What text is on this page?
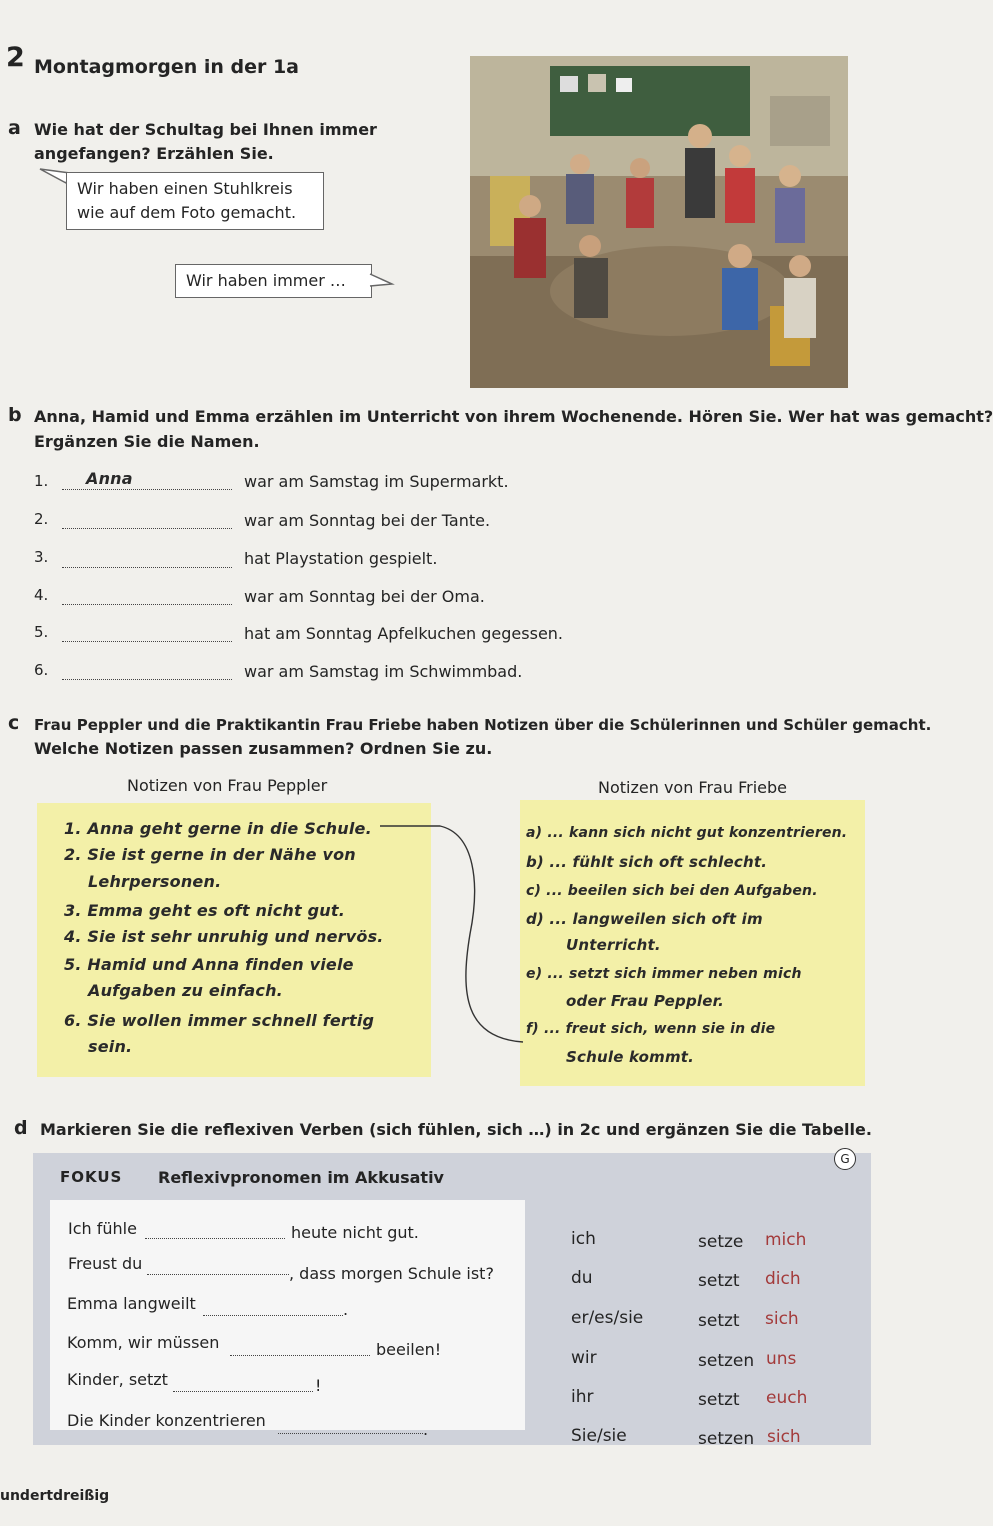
2 Montagmorgen in der 1a
a Wie hat der Schultag bei Ihnen immer
angefangen? Erzählen Sie.
Wir haben einen Stuhlkreis
wie auf dem Foto gemacht.
Wir haben immer …
b Anna, Hamid und Emma erzählen im Unterricht von ihrem Wochenende. Hören Sie. Wer hat was gemacht?
Ergänzen Sie die Namen.
1. Anna	war am Samstag im Supermarkt.
2.	war am Sonntag bei der Tante.
3.	hat Playstation gespielt.
4.	war am Sonntag bei der Oma.
5.	hat am Sonntag Apfelkuchen gegessen.
6.	war am Samstag im Schwimmbad.
c Frau Peppler und die Praktikantin Frau Friebe haben Notizen über die Schülerinnen und Schüler gemacht.
Welche Notizen passen zusammen? Ordnen Sie zu.
Notizen von Frau Peppler	Notizen von Frau Friebe
1. Anna geht gerne in die Schule.
2. Sie ist gerne in der Nähe von
Lehrpersonen.
3. Emma geht es oft nicht gut.
4. Sie ist sehr unruhig und nervös.
5. Hamid und Anna finden viele
Aufgaben zu einfach.
6. Sie wollen immer schnell fertig
sein.
a) ... kann sich nicht gut konzentrieren.
b) ... fühlt sich oft schlecht.
c) ... beeilen sich bei den Aufgaben.
d) ... langweilen sich oft im
Unterricht.
e) ... setzt sich immer neben mich
oder Frau Peppler.
f) ... freut sich, wenn sie in die
Schule kommt.
d Markieren Sie die reflexiven Verben (sich fühlen, sich …) in 2c und ergänzen Sie die Tabelle.
G
FOKUS Reflexivpronomen im Akkusativ
Ich fühle	heute nicht gut.
Freust du
, dass morgen Schule ist?
Emma langweilt	.
Komm, wir müssen	beeilen!
Kinder, setzt	!
Die Kinder konzentrieren	.
ich	setze mich
du	setzt dich
er/es/sie	setzt sich
wir	setzen uns
ihr	setzt euch
Sie/sie	setzen sich
undertdreißig
